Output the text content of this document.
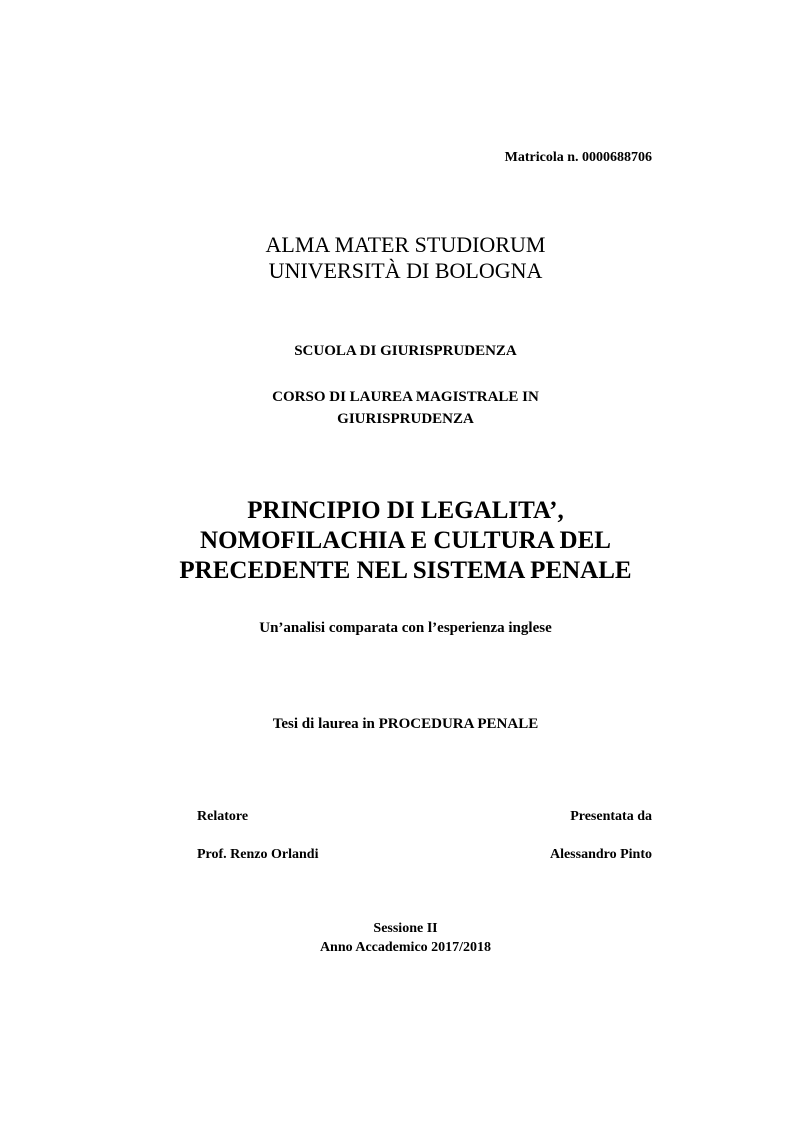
Matricola n. 0000688706
ALMA MATER STUDIORUM
UNIVERSITÀ DI BOLOGNA
SCUOLA DI GIURISPRUDENZA
CORSO DI LAUREA MAGISTRALE IN
GIURISPRUDENZA
PRINCIPIO DI LEGALITA’,
NOMOFILACHIA E CULTURA DEL
PRECEDENTE NEL SISTEMA PENALE
Un’analisi comparata con l’esperienza inglese
Tesi di laurea in PROCEDURA PENALE
Relatore
Prof. Renzo Orlandi
Presentata da
Alessandro Pinto
Sessione II
Anno Accademico 2017/2018
